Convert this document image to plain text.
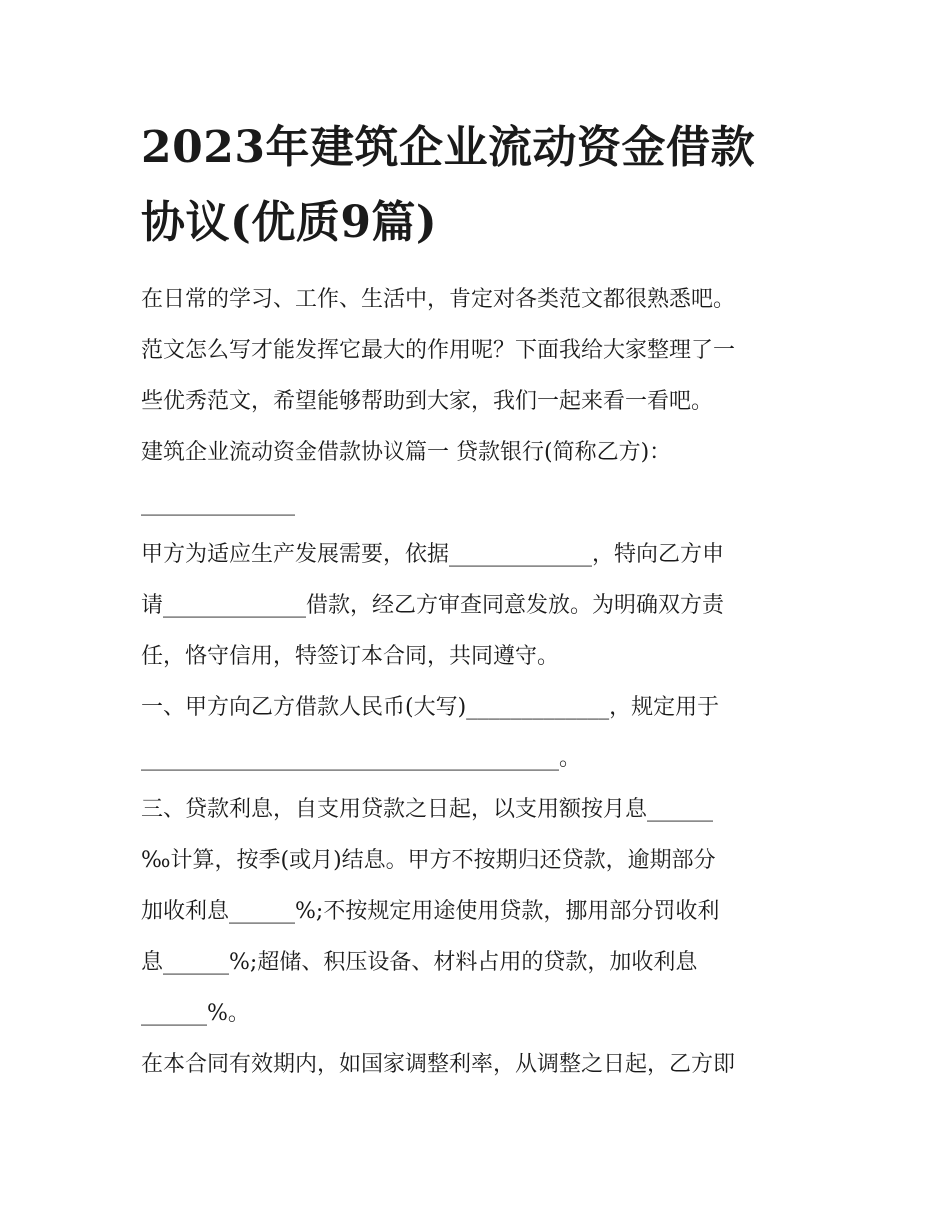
2023年建筑企业流动资金借款
协议(优质9篇)

在日常的学习、工作、生活中，肯定对各类范文都很熟悉吧。

范文怎么写才能发挥它最大的作用呢？下面我给大家整理了一

些优秀范文，希望能够帮助到大家，我们一起来看一看吧。

建筑企业流动资金借款协议篇一 贷款银行(简称乙方)：

______________

甲方为适应生产发展需要，依据_____________，特向乙方申

请_____________借款，经乙方审查同意发放。为明确双方责

任，恪守信用，特签订本合同，共同遵守。

一、甲方向乙方借款人民币(大写)_____________，规定用于

______________________________________。

三、贷款利息，自支用贷款之日起，以支用额按月息______

‰计算，按季(或月)结息。甲方不按期归还贷款，逾期部分

加收利息______%;不按规定用途使用贷款，挪用部分罚收利

息______%;超储、积压设备、材料占用的贷款，加收利息

______%。

在本合同有效期内，如国家调整利率，从调整之日起，乙方即
